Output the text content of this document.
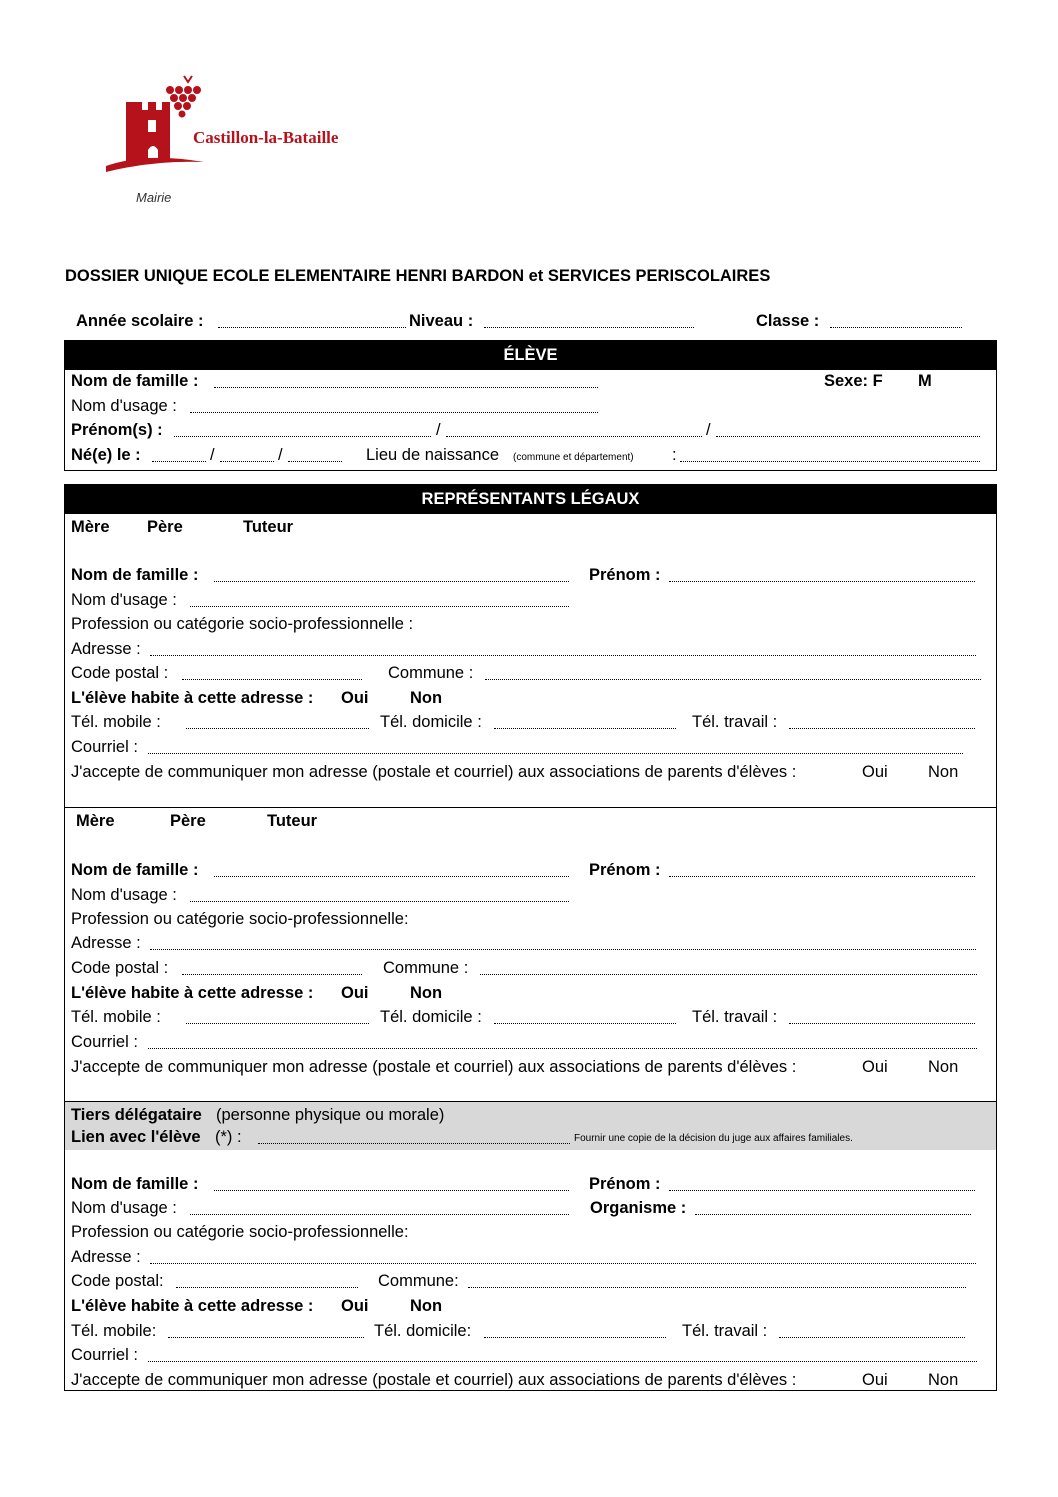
Castillon-la-Bataille
Mairie
DOSSIER UNIQUE ECOLE ELEMENTAIRE HENRI BARDON et SERVICES PERISCOLAIRES
Année scolaire :	Niveau :	Classe :
ÉLÈVE
Nom de famille :	Sexe: F M
Nom d'usage :
Prénom(s) :	/	/
Né(e) le :	/	/	Lieu de naissance (commune et département) :
REPRÉSENTANTS LÉGAUX
Mère Père	Tuteur
Nom de famille :	Prénom :
Nom d'usage :
Profession ou catégorie socio-professionnelle :
Adresse :
Code postal :	Commune :
L'élève habite à cette adresse : Oui	Non
Tél. mobile :	Tél. domicile :	Tél. travail :
Courriel :
J'accepte de communiquer mon adresse (postale et courriel) aux associations de parents d'élèves :	Oui Non
Mère	Père	Tuteur
Nom de famille :	Prénom :
Nom d'usage :
Profession ou catégorie socio-professionnelle:
Adresse :
Code postal :	Commune :
L'élève habite à cette adresse : Oui	Non
Tél. mobile :	Tél. domicile :	Tél. travail :
Courriel :
J'accepte de communiquer mon adresse (postale et courriel) aux associations de parents d'élèves :	Oui Non
Tiers délégataire (personne physique ou morale)
Lien avec l'élève (*) :	Fournir une copie de la décision du juge aux affaires familiales.
Nom de famille :	Prénom :
Nom d'usage :	Organisme :
Profession ou catégorie socio-professionnelle:
Adresse :
Code postal:	Commune:
L'élève habite à cette adresse : Oui	Non
Tél. mobile:	Tél. domicile:	Tél. travail :
Courriel :
J'accepte de communiquer mon adresse (postale et courriel) aux associations de parents d'élèves :	Oui Non
